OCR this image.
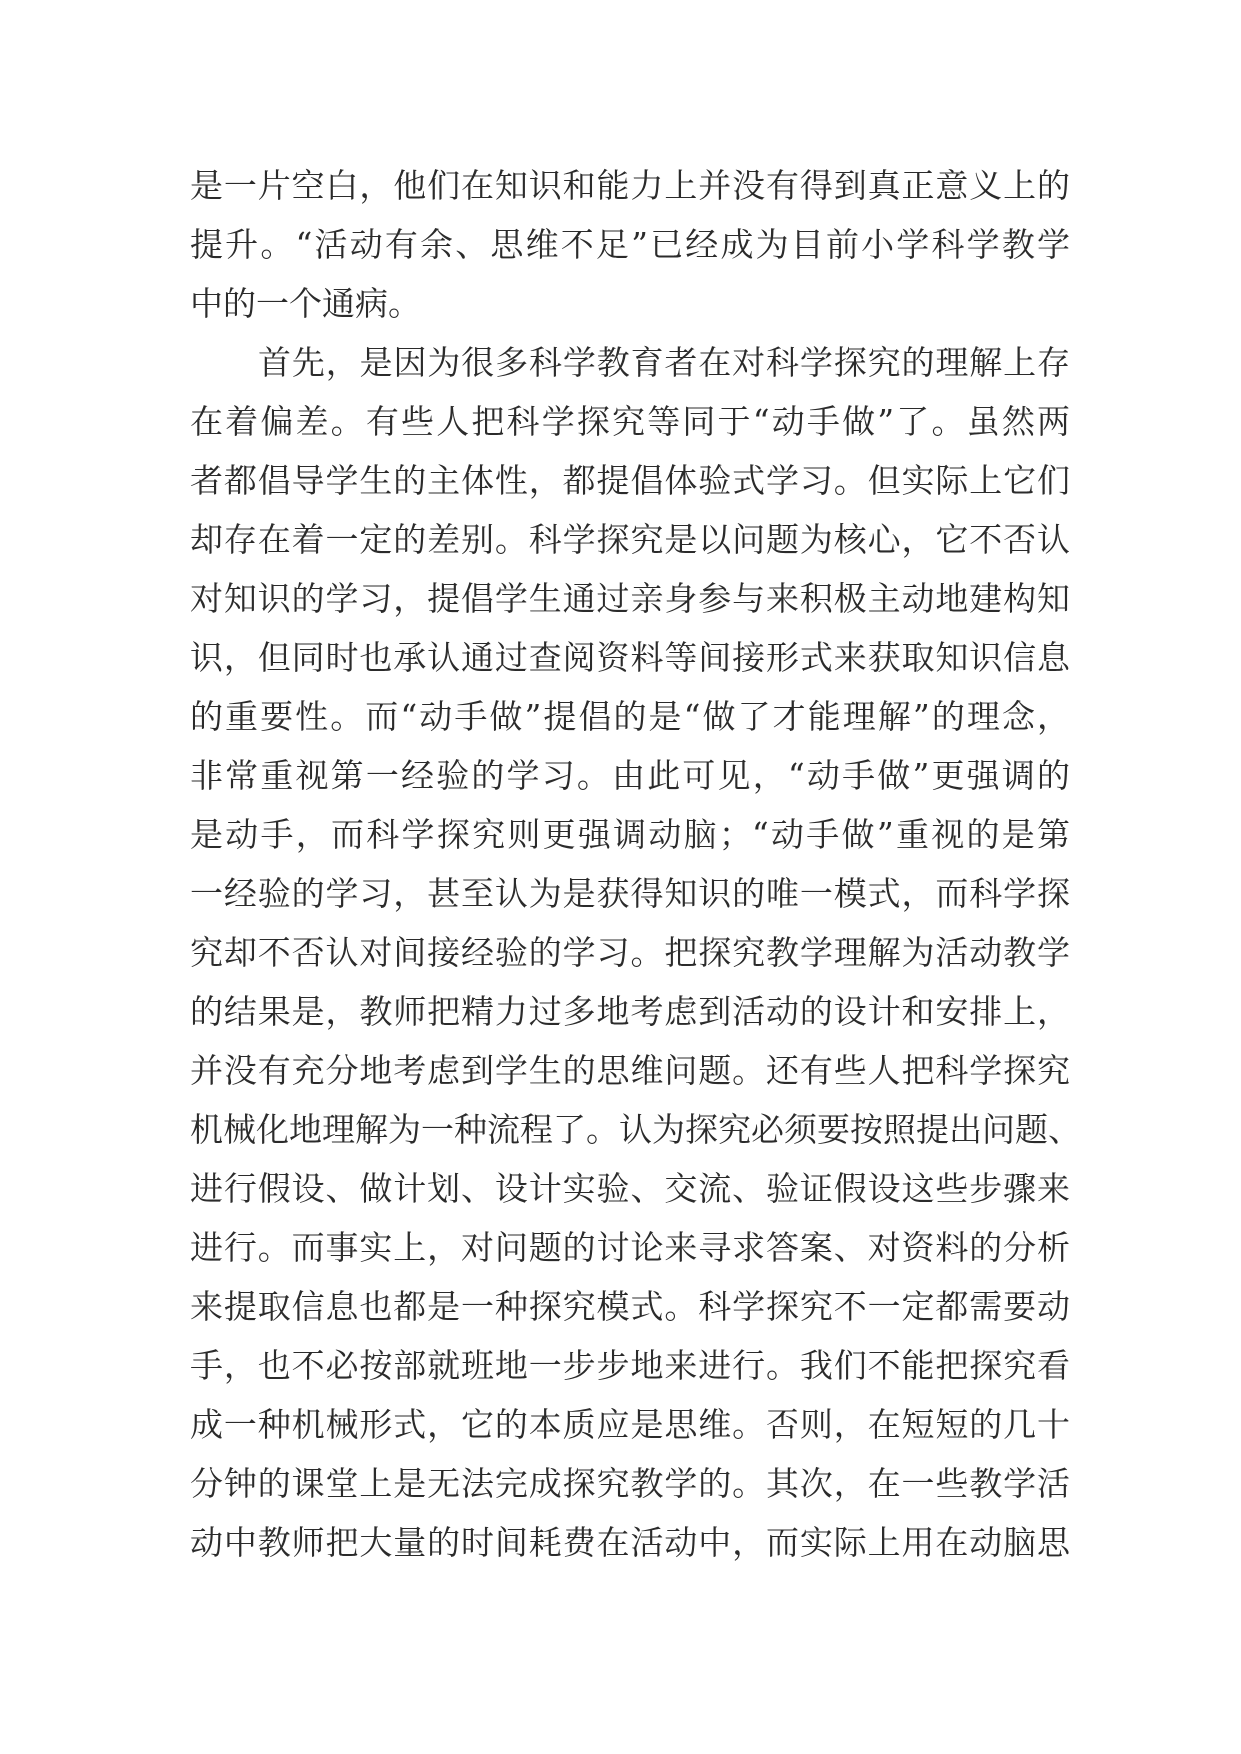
是一片空白，他们在知识和能力上并没有得到真正意义上的
提升。“活动有余、思维不足”已经成为目前小学科学教学
中的一个通病。
首先，是因为很多科学教育者在对科学探究的理解上存
在着偏差。有些人把科学探究等同于“动手做”了。虽然两
者都倡导学生的主体性，都提倡体验式学习。但实际上它们
却存在着一定的差别。科学探究是以问题为核心，它不否认
对知识的学习，提倡学生通过亲身参与来积极主动地建构知
识，但同时也承认通过查阅资料等间接形式来获取知识信息
的重要性。而“动手做”提倡的是“做了才能理解”的理念，
非常重视第一经验的学习。由此可见，“动手做”更强调的
是动手，而科学探究则更强调动脑；“动手做”重视的是第
一经验的学习，甚至认为是获得知识的唯一模式，而科学探
究却不否认对间接经验的学习。把探究教学理解为活动教学
的结果是，教师把精力过多地考虑到活动的设计和安排上，
并没有充分地考虑到学生的思维问题。还有些人把科学探究
机械化地理解为一种流程了。认为探究必须要按照提出问题、
进行假设、做计划、设计实验、交流、验证假设这些步骤来
进行。而事实上，对问题的讨论来寻求答案、对资料的分析
来提取信息也都是一种探究模式。科学探究不一定都需要动
手，也不必按部就班地一步步地来进行。我们不能把探究看
成一种机械形式，它的本质应是思维。否则，在短短的几十
分钟的课堂上是无法完成探究教学的。其次，在一些教学活
动中教师把大量的时间耗费在活动中，而实际上用在动脑思
